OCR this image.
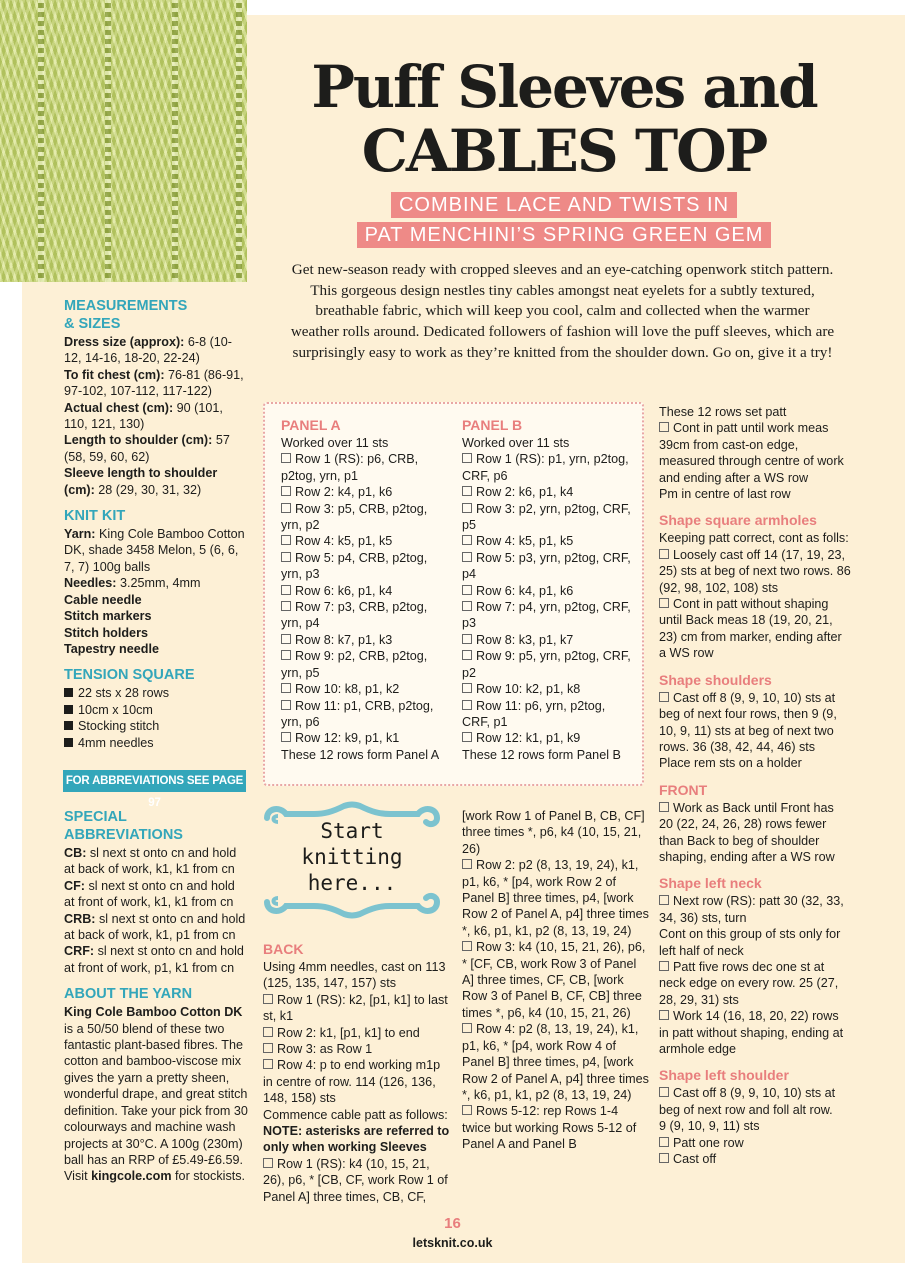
Puff Sleeves and
CABLES TOP
COMBINE LACE AND TWISTS IN
PAT MENCHINI’S SPRING GREEN GEM

Get new-season ready with cropped sleeves and an eye-catching openwork stitch pattern. This gorgeous design nestles tiny cables amongst neat eyelets for a subtly textured, breathable fabric, which will keep you cool, calm and collected when the warmer weather rolls around. Dedicated followers of fashion will love the puff sleeves, which are surprisingly easy to work as they’re knitted from the shoulder down. Go on, give it a try!

MEASUREMENTS
& SIZES
Dress size (approx): 6-8 (10-12, 14-16, 18-20, 22-24)
To fit chest (cm): 76-81 (86-91, 97-102, 107-112, 117-122)
Actual chest (cm): 90 (101, 110, 121, 130)
Length to shoulder (cm): 57 (58, 59, 60, 62)
Sleeve length to shoulder (cm): 28 (29, 30, 31, 32)
KNIT KIT
Yarn: King Cole Bamboo Cotton DK, shade 3458 Melon, 5 (6, 6, 7, 7) 100g balls
Needles: 3.25mm, 4mm
Cable needle
Stitch markers
Stitch holders
Tapestry needle
TENSION SQUARE
22 sts x 28 rows
10cm x 10cm
Stocking stitch
4mm needles
FOR ABBREVIATIONS SEE PAGE 97
SPECIAL
ABBREVIATIONS
CB: sl next st onto cn and hold at back of work, k1, k1 from cn
CF: sl next st onto cn and hold at front of work, k1, k1 from cn
CRB: sl next st onto cn and hold at back of work, k1, p1 from cn
CRF: sl next st onto cn and hold at front of work, p1, k1 from cn
ABOUT THE YARN
King Cole Bamboo Cotton DK is a 50/50 blend of these two fantastic plant-based fibres. The cotton and bamboo-viscose mix gives the yarn a pretty sheen, wonderful drape, and great stitch definition. Take your pick from 30 colourways and machine wash projects at 30°C. A 100g (230m) ball has an RRP of £5.49-£6.59. Visit kingcole.com for stockists.
PANEL A
Worked over 11 sts
Row 1 (RS): p6, CRB, p2tog, yrn, p1
Row 2: k4, p1, k6
Row 3: p5, CRB, p2tog, yrn, p2
Row 4: k5, p1, k5
Row 5: p4, CRB, p2tog, yrn, p3
Row 6: k6, p1, k4
Row 7: p3, CRB, p2tog, yrn, p4
Row 8: k7, p1, k3
Row 9: p2, CRB, p2tog, yrn, p5
Row 10: k8, p1, k2
Row 11: p1, CRB, p2tog, yrn, p6
Row 12: k9, p1, k1
These 12 rows form Panel A
PANEL B
Worked over 11 sts
Row 1 (RS): p1, yrn, p2tog, CRF, p6
Row 2: k6, p1, k4
Row 3: p2, yrn, p2tog, CRF, p5
Row 4: k5, p1, k5
Row 5: p3, yrn, p2tog, CRF, p4
Row 6: k4, p1, k6
Row 7: p4, yrn, p2tog, CRF, p3
Row 8: k3, p1, k7
Row 9: p5, yrn, p2tog, CRF, p2
Row 10: k2, p1, k8
Row 11: p6, yrn, p2tog, CRF, p1
Row 12: k1, p1, k9
These 12 rows form Panel B
Start
knitting
here...
BACK
Using 4mm needles, cast on 113 (125, 135, 147, 157) sts
Row 1 (RS): k2, [p1, k1] to last st, k1
Row 2: k1, [p1, k1] to end
Row 3: as Row 1
Row 4: p to end working m1p in centre of row. 114 (126, 136, 148, 158) sts
Commence cable patt as follows:
NOTE: asterisks are referred to only when working Sleeves
Row 1 (RS): k4 (10, 15, 21, 26), p6, * [CB, CF, work Row 1 of Panel A] three times, CB, CF,
[work Row 1 of Panel B, CB, CF] three times *, p6, k4 (10, 15, 21, 26)
Row 2: p2 (8, 13, 19, 24), k1, p1, k6, * [p4, work Row 2 of Panel B] three times, p4, [work Row 2 of Panel A, p4] three times *, k6, p1, k1, p2 (8, 13, 19, 24)
Row 3: k4 (10, 15, 21, 26), p6, * [CF, CB, work Row 3 of Panel A] three times, CF, CB, [work Row 3 of Panel B, CF, CB] three times *, p6, k4 (10, 15, 21, 26)
Row 4: p2 (8, 13, 19, 24), k1, p1, k6, * [p4, work Row 4 of Panel B] three times, p4, [work Row 2 of Panel A, p4] three times *, k6, p1, k1, p2 (8, 13, 19, 24)
Rows 5-12: rep Rows 1-4 twice but working Rows 5-12 of Panel A and Panel B
These 12 rows set patt
Cont in patt until work meas 39cm from cast-on edge, measured through centre of work and ending after a WS row
Pm in centre of last row
Shape square armholes
Keeping patt correct, cont as folls:
Loosely cast off 14 (17, 19, 23, 25) sts at beg of next two rows. 86 (92, 98, 102, 108) sts
Cont in patt without shaping until Back meas 18 (19, 20, 21, 23) cm from marker, ending after a WS row
Shape shoulders
Cast off 8 (9, 9, 10, 10) sts at beg of next four rows, then 9 (9, 10, 9, 11) sts at beg of next two rows. 36 (38, 42, 44, 46) sts
Place rem sts on a holder
FRONT
Work as Back until Front has 20 (22, 24, 26, 28) rows fewer than Back to beg of shoulder shaping, ending after a WS row
Shape left neck
Next row (RS): patt 30 (32, 33, 34, 36) sts, turn
Cont on this group of sts only for left half of neck
Patt five rows dec one st at neck edge on every row. 25 (27, 28, 29, 31) sts
Work 14 (16, 18, 20, 22) rows in patt without shaping, ending at armhole edge
Shape left shoulder
Cast off 8 (9, 9, 10, 10) sts at beg of next row and foll alt row.
9 (9, 10, 9, 11) sts
Patt one row
Cast off
16
letsknit.co.uk
